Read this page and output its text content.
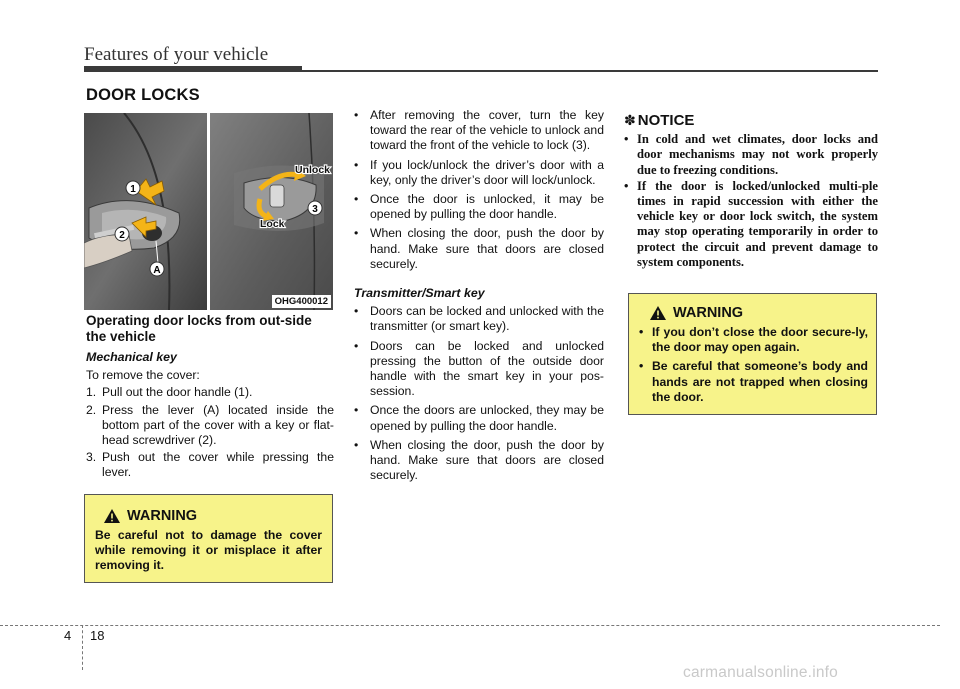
Features of your vehicle
DOOR LOCKS
1
2
A
Unlock
Lock
3
OHG400012
Operating door locks from out-side the vehicle
Mechanical key
To remove the cover:
1. Pull out the door handle (1).
2. Press the lever (A) located inside the bottom part of the cover with a key or flat-head screwdriver (2).
3. Push out the cover while pressing the lever.
WARNING
Be careful not to damage the cover while removing it or misplace it after removing it.
• After removing the cover, turn the key toward the rear of the vehicle to unlock and toward the front of the vehicle to lock (3).
• If you lock/unlock the driver’s door with a key, only the driver’s door will lock/unlock.
• Once the door is unlocked, it may be opened by pulling the door handle.
• When closing the door, push the door by hand. Make sure that doors are closed securely.
Transmitter/Smart key
• Doors can be locked and unlocked with the transmitter (or smart key).
• Doors can be locked and unlocked pressing the button of the outside door handle with the smart key in your pos-session.
• Once the doors are unlocked, they may be opened by pulling the door handle.
• When closing the door, push the door by hand. Make sure that doors are closed securely.
✽ NOTICE
• In cold and wet climates, door locks and door mechanisms may not work properly due to freezing conditions.
• If the door is locked/unlocked multi-ple times in rapid succession with either the vehicle key or door lock switch, the system may stop operating temporarily in order to protect the circuit and prevent damage to system components.
WARNING
• If you don’t close the door secure-ly, the door may open again.
• Be careful that someone’s body and hands are not trapped when closing the door.
4 18
carmanualsonline.info
